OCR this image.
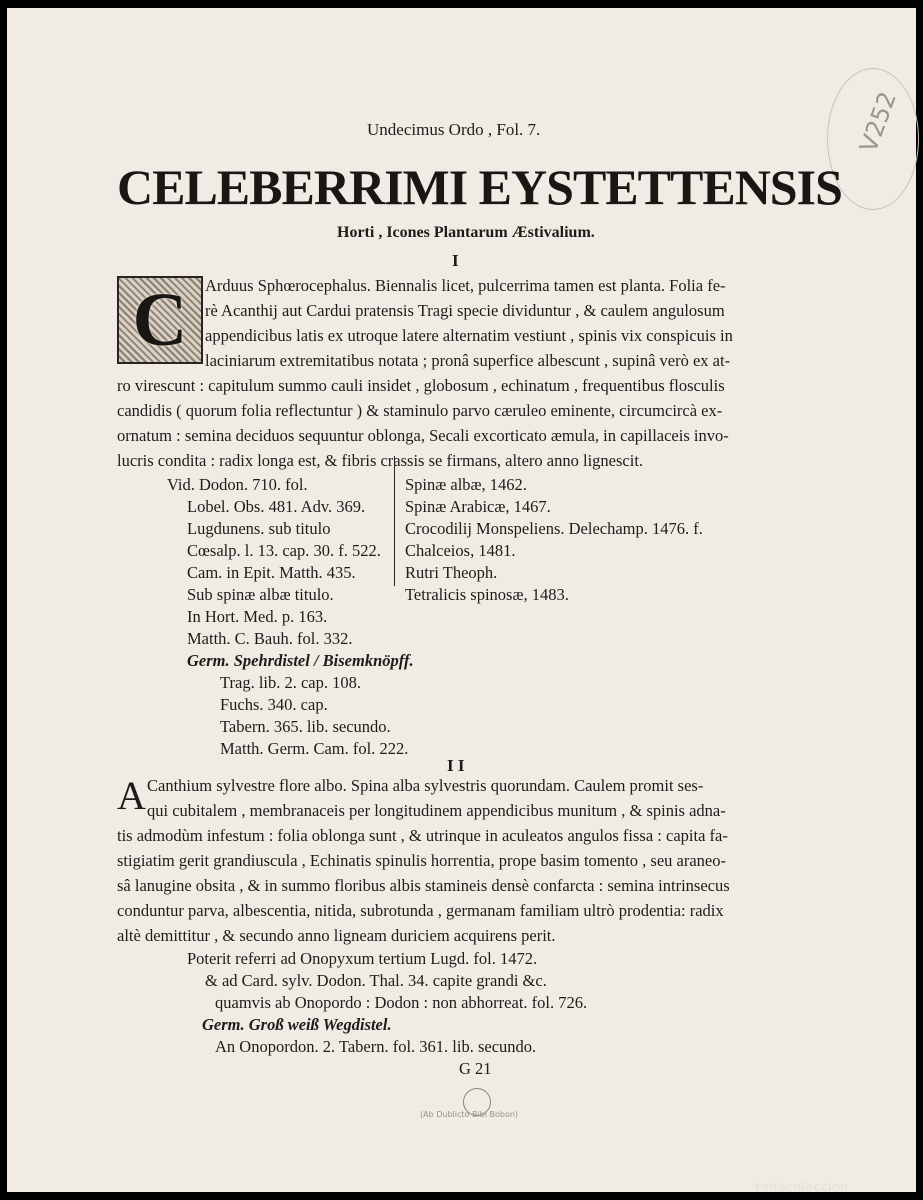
V252
Undecimus Ordo , Fol. 7.
CELEBERRIMI EYSTETTENSIS
Horti , Icones Plantarum Æstivalium.
I
C	Arduus Sphœrocephalus. Biennalis licet, pulcerrima tamen est planta. Folia fe-
rè Acanthij aut Cardui pratensis Tragi specie dividuntur , & caulem angulosum
appendicibus latis ex utroque latere alternatim vestiunt , spinis vix conspicuis in
laciniarum extremitatibus notata ; pronâ superfice albescunt , supinâ verò ex at-
ro virescunt : capitulum summo cauli insidet , globosum , echinatum , frequentibus flosculis
candidis ( quorum folia reflectuntur ) & staminulo parvo cæruleo eminente, circumcircà ex-
ornatum : semina deciduos sequuntur oblonga, Secali excorticato æmula, in capillaceis invo-
lucris condita : radix longa est, & fibris crassis se firmans, altero anno lignescit.
Vid. Dodon. 710. fol.
Lobel. Obs. 481. Adv. 369.
Lugdunens. sub titulo
Cœsalp. l. 13. cap. 30. f. 522.
Cam. in Epit. Matth. 435.
Sub spinæ albæ titulo.
In Hort. Med. p. 163.
Matth. C. Bauh. fol. 332.
Spinæ albæ, 1462.
Spinæ Arabicæ, 1467.
Crocodilij Monspeliens. Delechamp. 1476. f.
Chalceios, 1481.
Rutri Theoph.
Tetralicis spinosæ, 1483.
Germ. Spehrdistel / Bisemknöpff.
Trag. lib. 2. cap. 108.
Fuchs. 340. cap.
Tabern. 365. lib. secundo.
Matth. Germ. Cam. fol. 222.
I I
A Canthium sylvestre flore albo. Spina alba sylvestris quorundam. Caulem promit ses-
qui cubitalem , membranaceis per longitudinem appendicibus munitum , & spinis adna-
tis admodùm infestum : folia oblonga sunt , & utrinque in aculeatos angulos fissa : capita fa-
stigiatim gerit grandiuscula , Echinatis spinulis horrentia, prope basim tomento , seu araneo-
sâ lanugine obsita , & in summo floribus albis stamineis densè confarcta : semina intrinsecus
conduntur parva, albescentia, nitida, subrotunda , germanam familiam ultrò prodentia: radix
altè demittitur , & secundo anno ligneam duriciem acquirens perit.
Poterit referri ad Onopyxum tertium Lugd. fol. 1472.
& ad Card. sylv. Dodon. Thal. 34. capite grandi &c.
quamvis ab Onopordo : Dodon : non abhorreat. fol. 726.
Germ. Groß weiß Wegdistel.
An Onopordon. 2. Tabern. fol. 361. lib. secundo.
G 21
(Ab Dublicto Bibl Bobon)
todocoleccion
